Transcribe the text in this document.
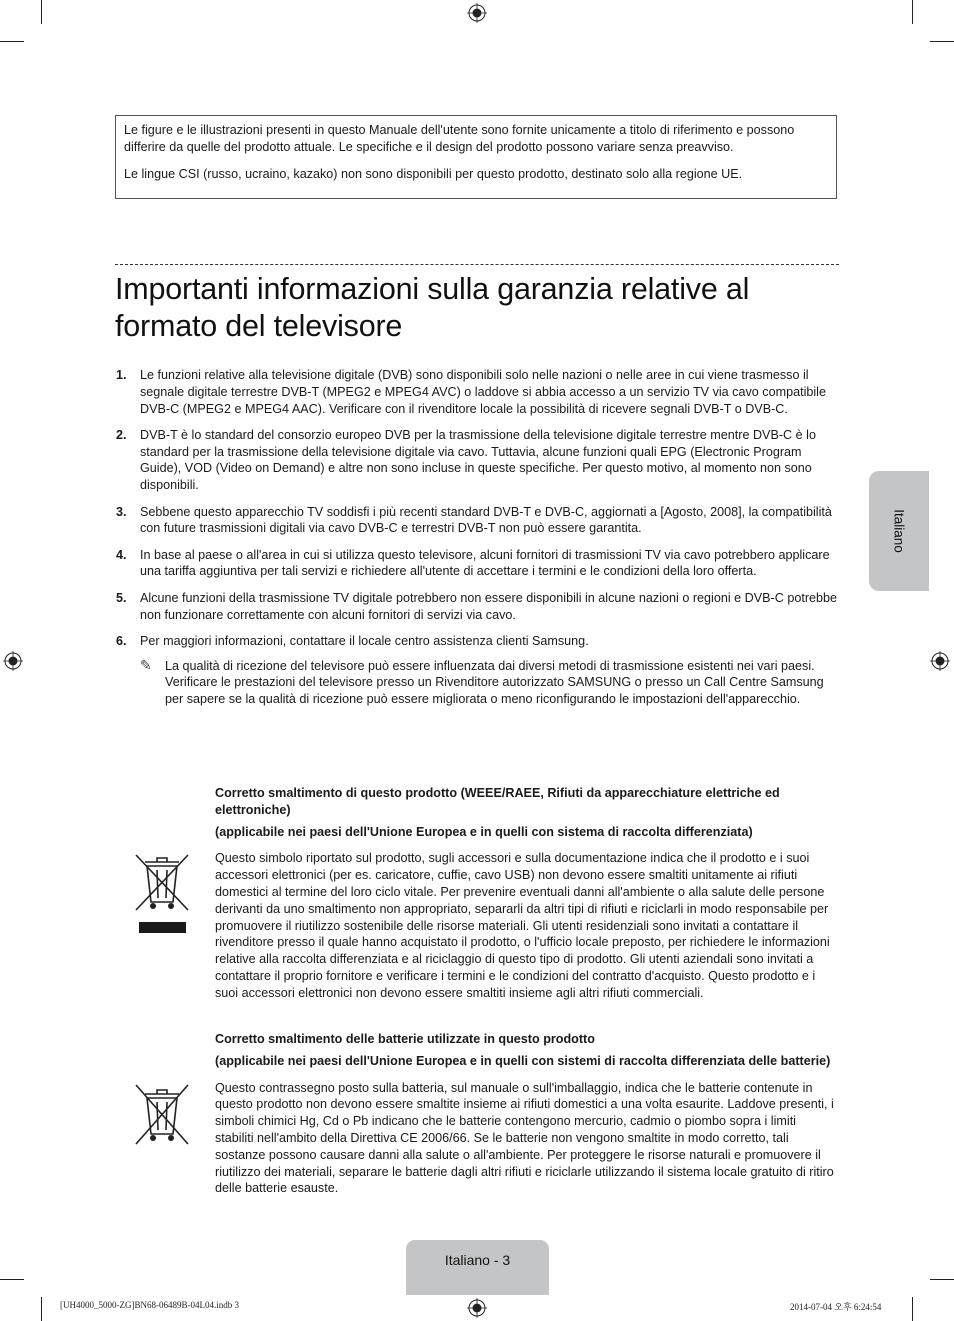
Le figure e le illustrazioni presenti in questo Manuale dell'utente sono fornite unicamente a titolo di riferimento e possono differire da quelle del prodotto attuale. Le specifiche e il design del prodotto possono variare senza preavviso.

Le lingue CSI (russo, ucraino, kazako) non sono disponibili per questo prodotto, destinato solo alla regione UE.

Importanti informazioni sulla garanzia relative al formato del televisore
1. Le funzioni relative alla televisione digitale (DVB) sono disponibili solo nelle nazioni o nelle aree in cui viene trasmesso il segnale digitale terrestre DVB-T (MPEG2 e MPEG4 AVC) o laddove si abbia accesso a un servizio TV via cavo compatibile DVB-C (MPEG2 e MPEG4 AAC). Verificare con il rivenditore locale la possibilità di ricevere segnali DVB-T o DVB-C.
2. DVB-T è lo standard del consorzio europeo DVB per la trasmissione della televisione digitale terrestre mentre DVB-C è lo standard per la trasmissione della televisione digitale via cavo. Tuttavia, alcune funzioni quali EPG (Electronic Program Guide), VOD (Video on Demand) e altre non sono incluse in queste specifiche. Per questo motivo, al momento non sono disponibili.
3. Sebbene questo apparecchio TV soddisfi i più recenti standard DVB-T e DVB-C, aggiornati a [Agosto, 2008], la compatibilità con future trasmissioni digitali via cavo DVB-C e terrestri DVB-T non può essere garantita.
4. In base al paese o all'area in cui si utilizza questo televisore, alcuni fornitori di trasmissioni TV via cavo potrebbero applicare una tariffa aggiuntiva per tali servizi e richiedere all'utente di accettare i termini e le condizioni della loro offerta.
5. Alcune funzioni della trasmissione TV digitale potrebbero non essere disponibili in alcune nazioni o regioni e DVB-C potrebbe non funzionare correttamente con alcuni fornitori di servizi via cavo.
6. Per maggiori informazioni, contattare il locale centro assistenza clienti Samsung.
✎ La qualità di ricezione del televisore può essere influenzata dai diversi metodi di trasmissione esistenti nei vari paesi. Verificare le prestazioni del televisore presso un Rivenditore autorizzato SAMSUNG o presso un Call Centre Samsung per sapere se la qualità di ricezione può essere migliorata o meno riconfigurando le impostazioni dell'apparecchio.

Corretto smaltimento di questo prodotto (WEEE/RAEE, Rifiuti da apparecchiature elettriche ed elettroniche)

(applicabile nei paesi dell'Unione Europea e in quelli con sistema di raccolta differenziata)

Questo simbolo riportato sul prodotto, sugli accessori e sulla documentazione indica che il prodotto e i suoi accessori elettronici (per es. caricatore, cuffie, cavo USB) non devono essere smaltiti unitamente ai rifiuti domestici al termine del loro ciclo vitale. Per prevenire eventuali danni all'ambiente o alla salute delle persone derivanti da uno smaltimento non appropriato, separarli da altri tipi di rifiuti e riciclarli in modo responsabile per promuovere il riutilizzo sostenibile delle risorse materiali. Gli utenti residenziali sono invitati a contattare il rivenditore presso il quale hanno acquistato il prodotto, o l'ufficio locale preposto, per richiedere le informazioni relative alla raccolta differenziata e al riciclaggio di questo tipo di prodotto. Gli utenti aziendali sono invitati a contattare il proprio fornitore e verificare i termini e le condizioni del contratto d'acquisto. Questo prodotto e i suoi accessori elettronici non devono essere smaltiti insieme agli altri rifiuti commerciali.

Corretto smaltimento delle batterie utilizzate in questo prodotto

(applicabile nei paesi dell'Unione Europea e in quelli con sistemi di raccolta differenziata delle batterie)

Questo contrassegno posto sulla batteria, sul manuale o sull'imballaggio, indica che le batterie contenute in questo prodotto non devono essere smaltite insieme ai rifiuti domestici a una volta esaurite. Laddove presenti, i simboli chimici Hg, Cd o Pb indicano che le batterie contengono mercurio, cadmio o piombo sopra i limiti stabiliti nell'ambito della Direttiva CE 2006/66. Se le batterie non vengono smaltite in modo corretto, tali sostanze possono causare danni alla salute o all'ambiente. Per proteggere le risorse naturali e promuovere il riutilizzo dei materiali, separare le batterie dagli altri rifiuti e riciclarle utilizzando il sistema locale gratuito di ritiro delle batterie esauste.

Italiano
Italiano - 3
[UH4000_5000-ZG]BN68-06489B-04L04.indb 3	2014-07-04 오후 6:24:54
